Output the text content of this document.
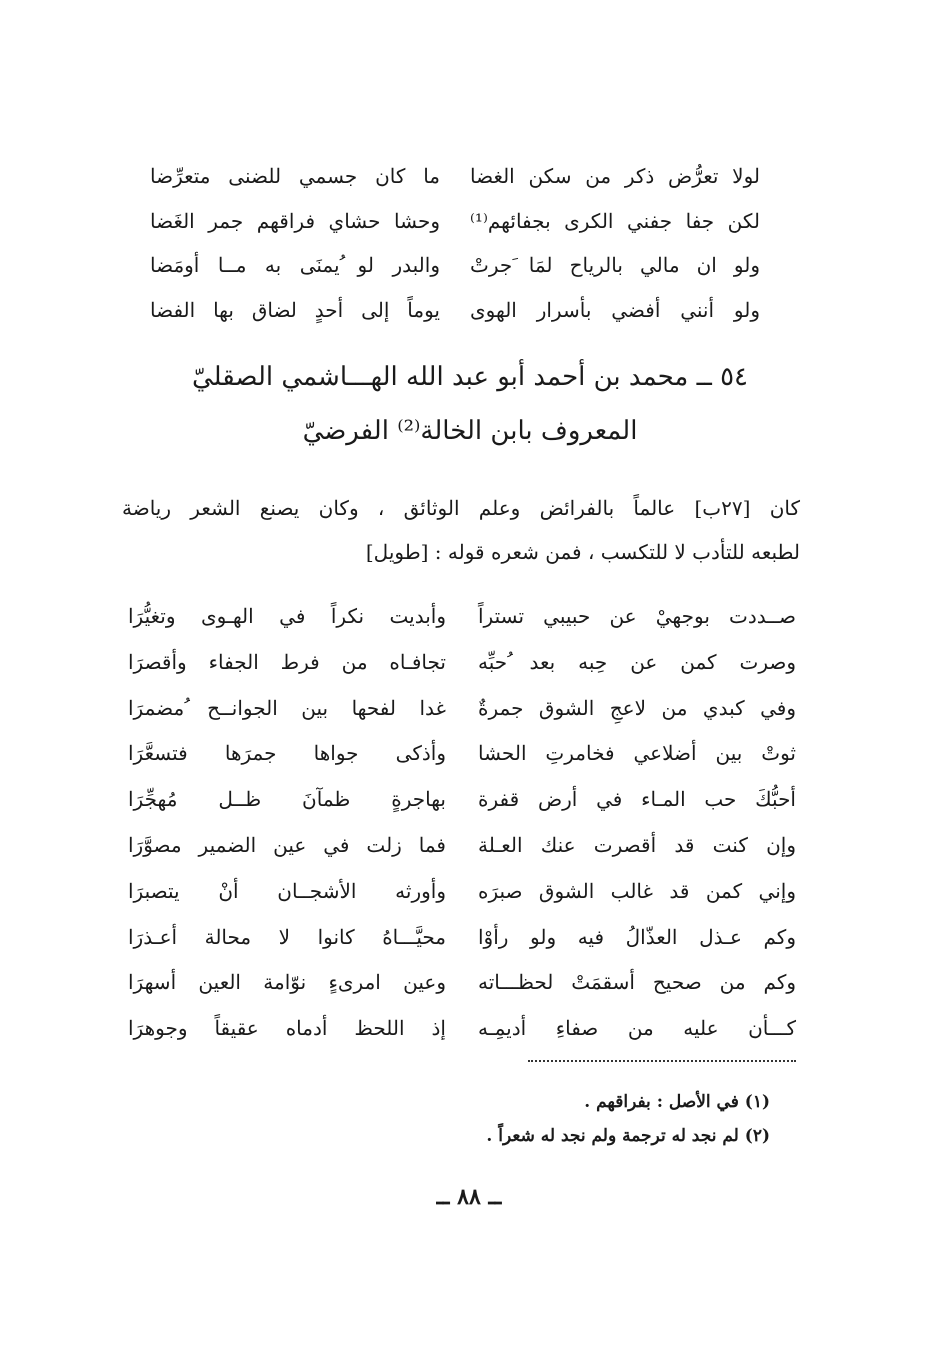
لولا تعرُّض ذكر من سكن الغضا
ما كان جسمي للضنى متعرِّضا
لكن جفا جفني الكرى بجفائهم⁽¹⁾
وحشا حشاي فراقهم جمر الغَضا
ولو ان مالي بالرياح لمَا َجرتْ
والبدر لو ُيمنَى به مــا أومَضا
ولو أنني أفضي بأسرار الهوى
يوماً إلى أحدٍ لضاق بها الفضا
٥٤ ــ محمد بن أحمد أبو عبد الله الهـــاشمي الصقليّ
المعروف بابن الخالة⁽²⁾ الفرضيّ
كان [٢٧ب] عالماً بالفرائض وعلم الوثائق ، وكان يصنع الشعر رياضة
لطبعه للتأدب لا للتكسب ، فمن شعره قوله : [طويل]
صــددت بوجهيْ عن حبيبي تستراً
وأبديت نكراً في الهـوى وتغيُّرَا
وصرت كمن عن حِبه بعد ُحبِّه
تجافـاه من فرط الجفاء وأقصرَا
وفي كبدي من لاعجِ الشوق جمرةٌ
غدا لفحها بين الجوانــح ُمضمرَا
ثوتْ بين أضلاعي فخامرتِ الحشا
وأذكى جواها جمرَها فتسعَّرَا
أحبُّكَ حب المـاء في أرض قفرة
بهاجرةٍ ظمآنَ ظــل مُهجِّرَا
وإن كنت قد أقصرت عنك العـلة
فما زلت في عين الضمير مصوَّرَا
وإني كمن قد غالب الشوق صبرَه
وأورثه الأشجــان أنْ يتصبرَا
وكم عـذل العذّالُ فيه ولو رأوْا
محيَّـــاهُ كانوا لا محالة أعـذرَا
وكم من صحيح أسقمَتْ لحظـــاته
وعين امرىءٍ نوّامة العين أسهرَا
كـــأن عليه من صفاءِ أديمِـه
إذ اللحظ أدماه عقيقاً وجوهرَا
(١) في الأصل : بفراقهم .
(٢) لم نجد له ترجمة ولم نجد له شعراً .
ــ ٨٨ ــ
